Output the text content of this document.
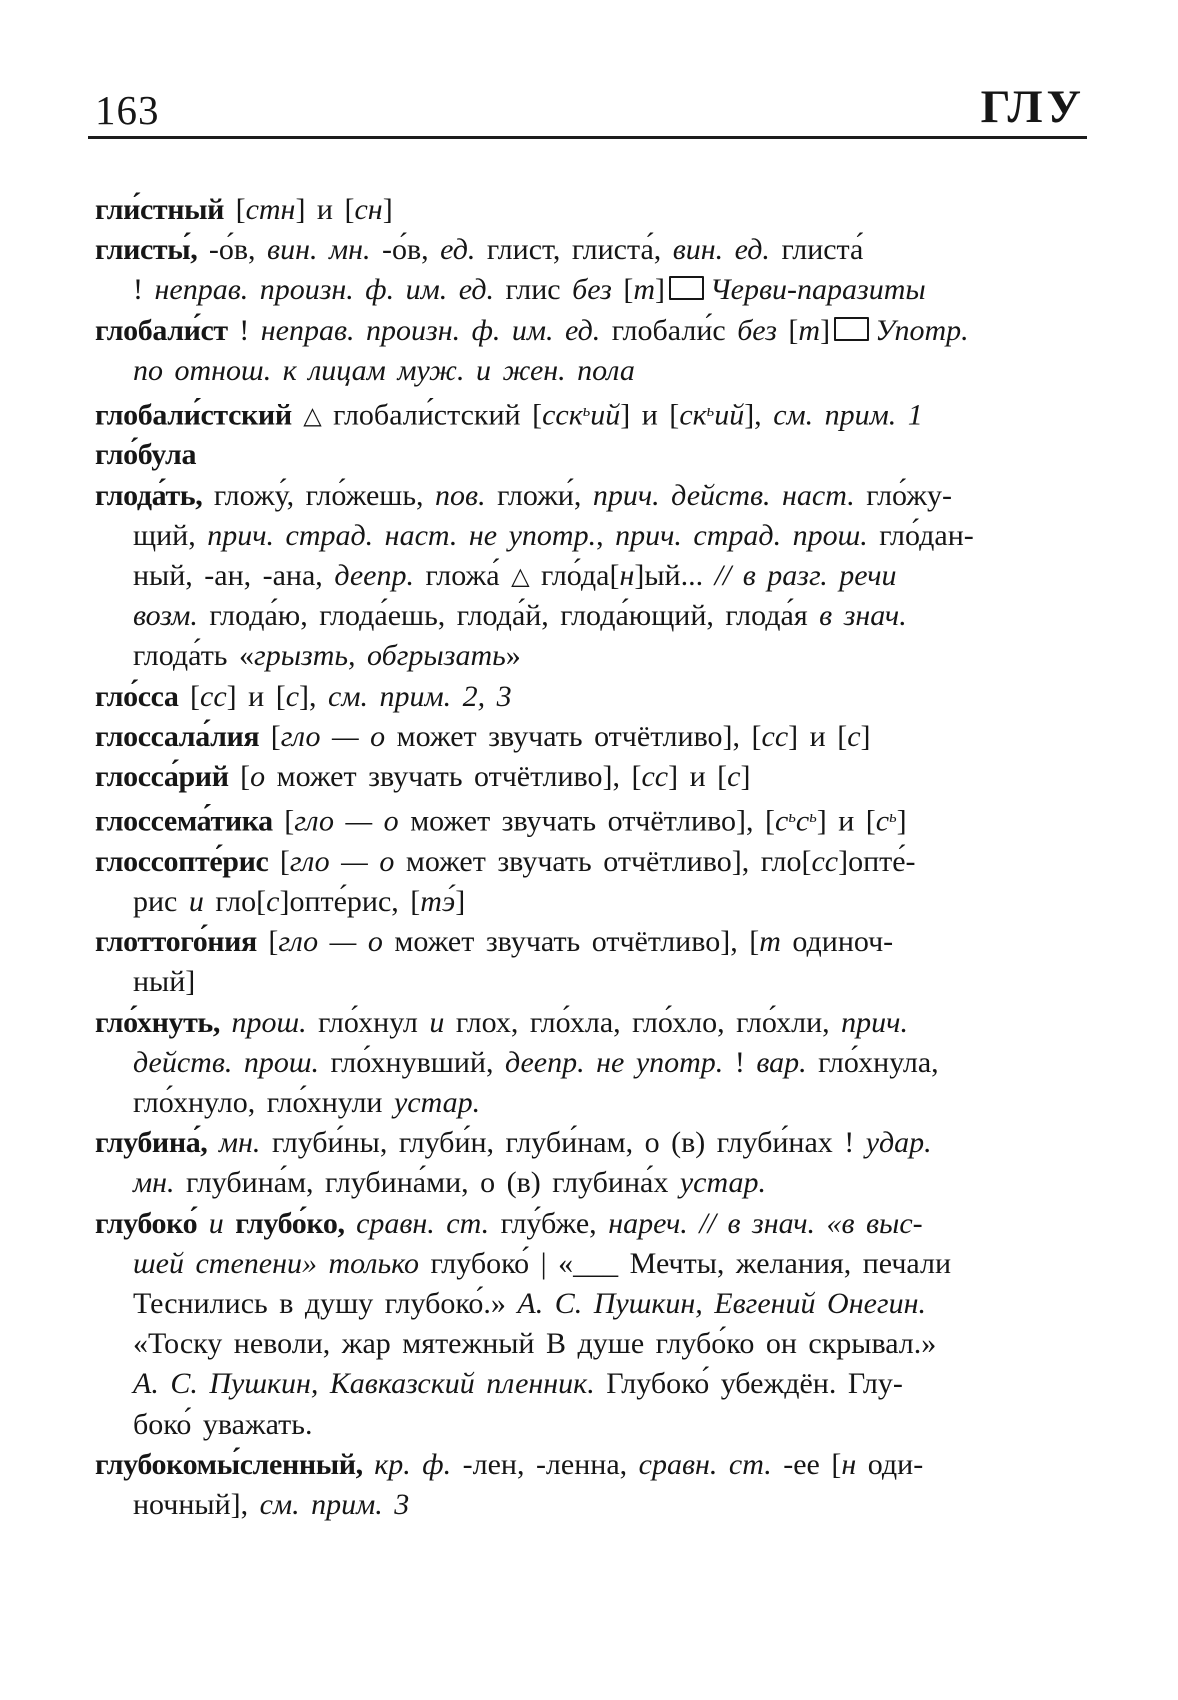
163	ГЛУ
гли́стный [стн] и [сн]
глисты́, -о́в, вин. мн. -о́в, ед. глист, глиста́, вин. ед. глиста́
! неправ. произн. ф. им. ед. глис без [т] Черви-паразиты
глобали́ст ! неправ. произн. ф. им. ед. глобали́с без [т] Употр.
по отнош. к лицам муж. и жен. пола
глобали́стский △ глобали́стский [сск$^ь$ий] и $[ск^ьий]$, см. прим. 1
гло́була
глода́ть, гложу́, гло́жешь, пов. гложи́, прич. действ. наст. гло́жу-
щий, прич. страд. наст. не употр., прич. страд. прош. гло́дан-
ный, -ан, -ана, деепр. гложа́ △ гло́да[н]ый... // в разг. речи
возм. глода́ю, глода́ешь, глода́й, глода́ющий, глода́я в знач.
глода́ть «грызть, обгрызать»
гло́сса [сс] и [с], см. прим. 2, 3
глоссала́лия [гло — о может звучать отчётливо], [сс] и [с]
глосса́рий [о может звучать отчётливо], [сс] и [с]
глоссема́тика [гло — о может звучать отчётливо], $[с^ьс^ь]$ и $[с^ь]$
глоссопте́рис [гло — о может звучать отчётливо], гло[сс]опте́-
рис и гло[с]опте́рис, [тэ́]
глоттого́ния [гло — о может звучать отчётливо], [т одиноч-
ный]
гло́хнуть, прош. гло́хнул и глох, гло́хла, гло́хло, гло́хли, прич.
действ. прош. гло́хнувший, деепр. не употр. ! вар. гло́хнула,
гло́хнуло, гло́хнули устар.
глубина́, мн. глуби́ны, глуби́н, глуби́нам, о (в) глуби́нах ! удар.
мн. глубина́м, глубина́ми, о (в) глубина́х устар.
глубоко́ и глубо́ко, сравн. ст. глу́бже, нареч. // в знач. «в выс-
шей степени» только глубоко́ | «___ Мечты, желания, печали
Теснились в душу глубоко́.» А. С. Пушкин, Евгений Онегин.
«Тоску неволи, жар мятежный В душе глубо́ко он скрывал.»
А. С. Пушкин, Кавказский пленник. Глубоко́ убеждён. Глу-
боко́ уважать.
глубокомы́сленный, кр. ф. -лен, -ленна, сравн. ст. -ее [н оди-
ночный], см. прим. 3
